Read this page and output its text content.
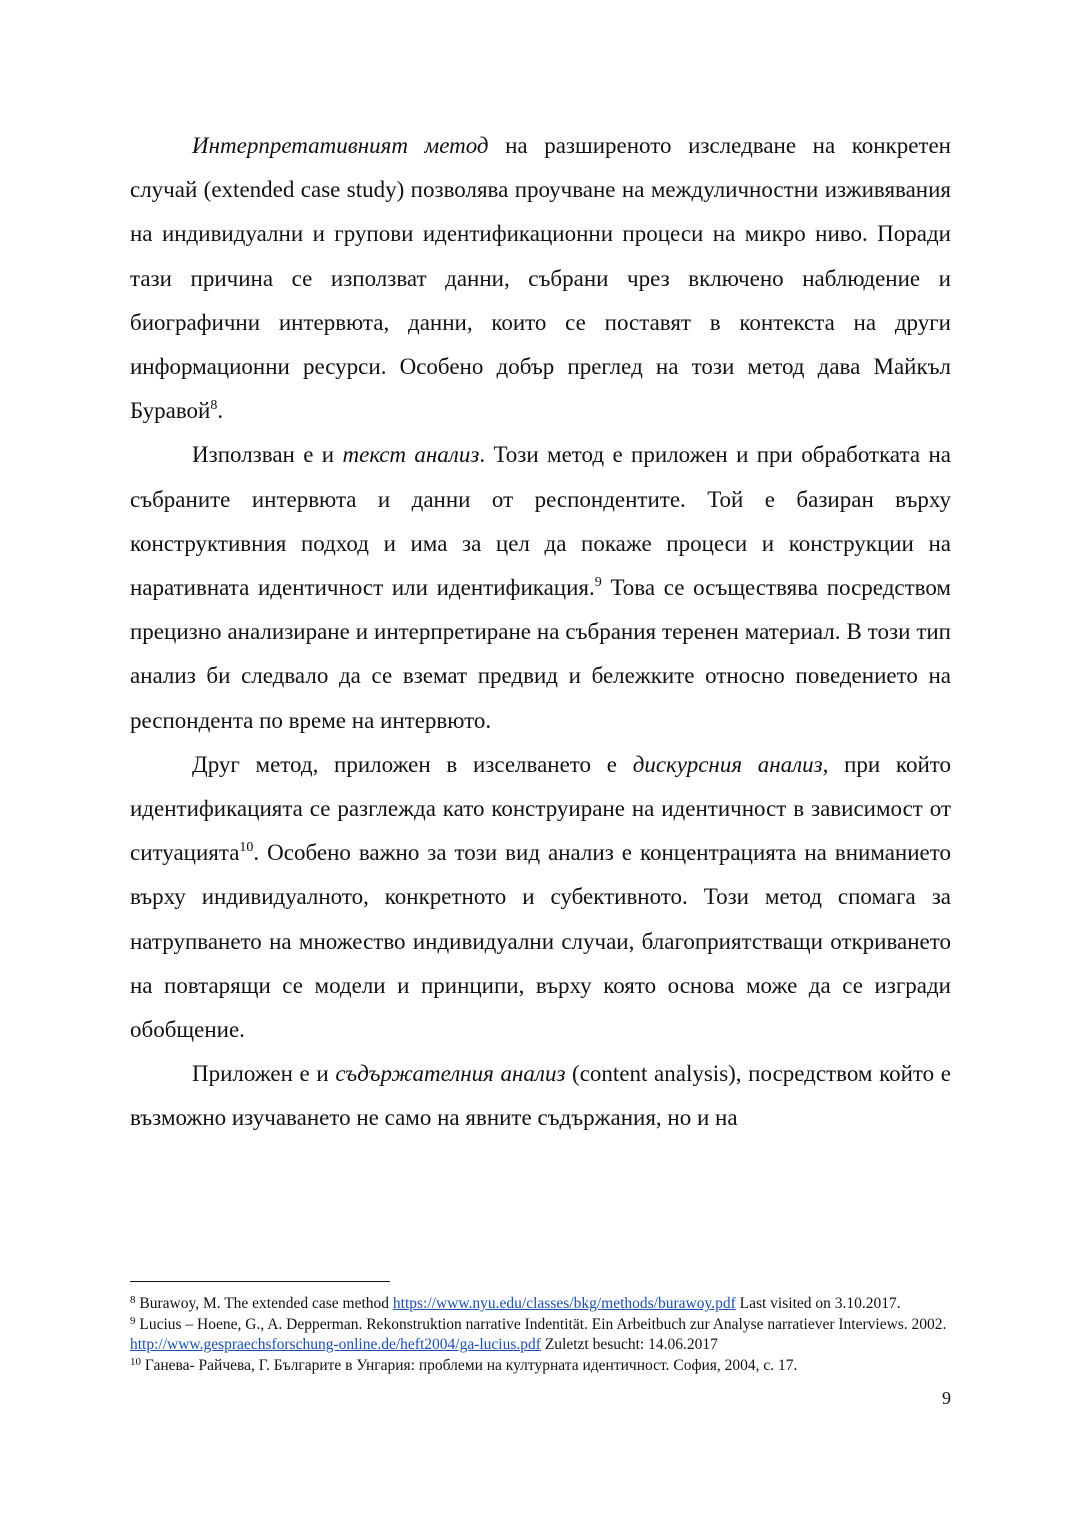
Интерпретативният метод на разширеното изследване на конкретен случай (extended case study) позволява проучване на междуличностни изживявания на индивидуални и групови идентификационни процеси на микро ниво. Поради тази причина се използват данни, събрани чрез включено наблюдение и биографични интервюта, данни, които се поставят в контекста на други информационни ресурси. Особено добър преглед на този метод дава Майкъл Буравой$^8$.

Използван е и текст анализ. Този метод е приложен и при обработката на събраните интервюта и данни от респондентите. Той е базиран върху конструктивния подход и има за цел да покаже процеси и конструкции на наративната идентичност или идентификация.$^9$ Това се осъществява посредством прецизно анализиране и интерпретиране на събрания теренен материал. В този тип анализ би следвало да се вземат предвид и бележките относно поведението на респондента по време на интервюто.

Друг метод, приложен в изселването е дискурсния анализ, при който идентификацията се разглежда като конструиране на идентичност в зависимост от ситуацията$^{10}$. Особено важно за този вид анализ е концентрацията на вниманието върху индивидуалното, конкретното и субективното. Този метод спомага за натрупването на множество индивидуални случаи, благоприятстващи откриването на повтарящи се модели и принципи, върху която основа може да се изгради обобщение.

Приложен е и съдържателния анализ (content analysis), посредством който е възможно изучаването не само на явните съдържания, но и на

$^8$ Burawoy, M. The extended case method https://www.nyu.edu/classes/bkg/methods/burawoy.pdf Last visited on 3.10.2017.

$^9$ Lucius – Hoene, G., A. Depperman. Rekonstruktion narrative Indentität. Ein Arbeitbuch zur Analyse narratiever Interviews. 2002. http://www.gespraechsforschung-online.de/heft2004/ga-lucius.pdf Zuletzt besucht: 14.06.2017

$^{10}$ Ганева- Райчева, Г. Българите в Унгария: проблеми на културната идентичност. София, 2004, с. 17.

9
